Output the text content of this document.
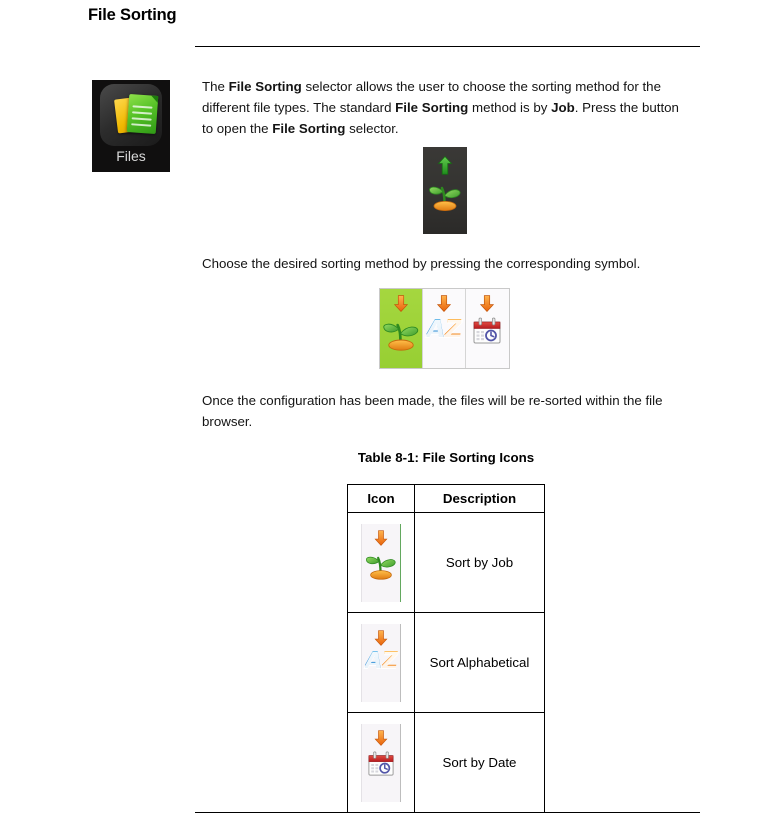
File Sorting
Files
The File Sorting selector allows the user to choose the sorting method for the different file types. The standard File Sorting method is by Job. Press the button to open the File Sorting selector.
Choose the desired sorting method by pressing the corresponding symbol.
AZ
Once the configuration has been made, the files will be re-sorted within the file browser.
Table 8-1: File Sorting Icons
Icon	Description

	Sort by Job

AZ	Sort Alphabetical

	Sort by Date
